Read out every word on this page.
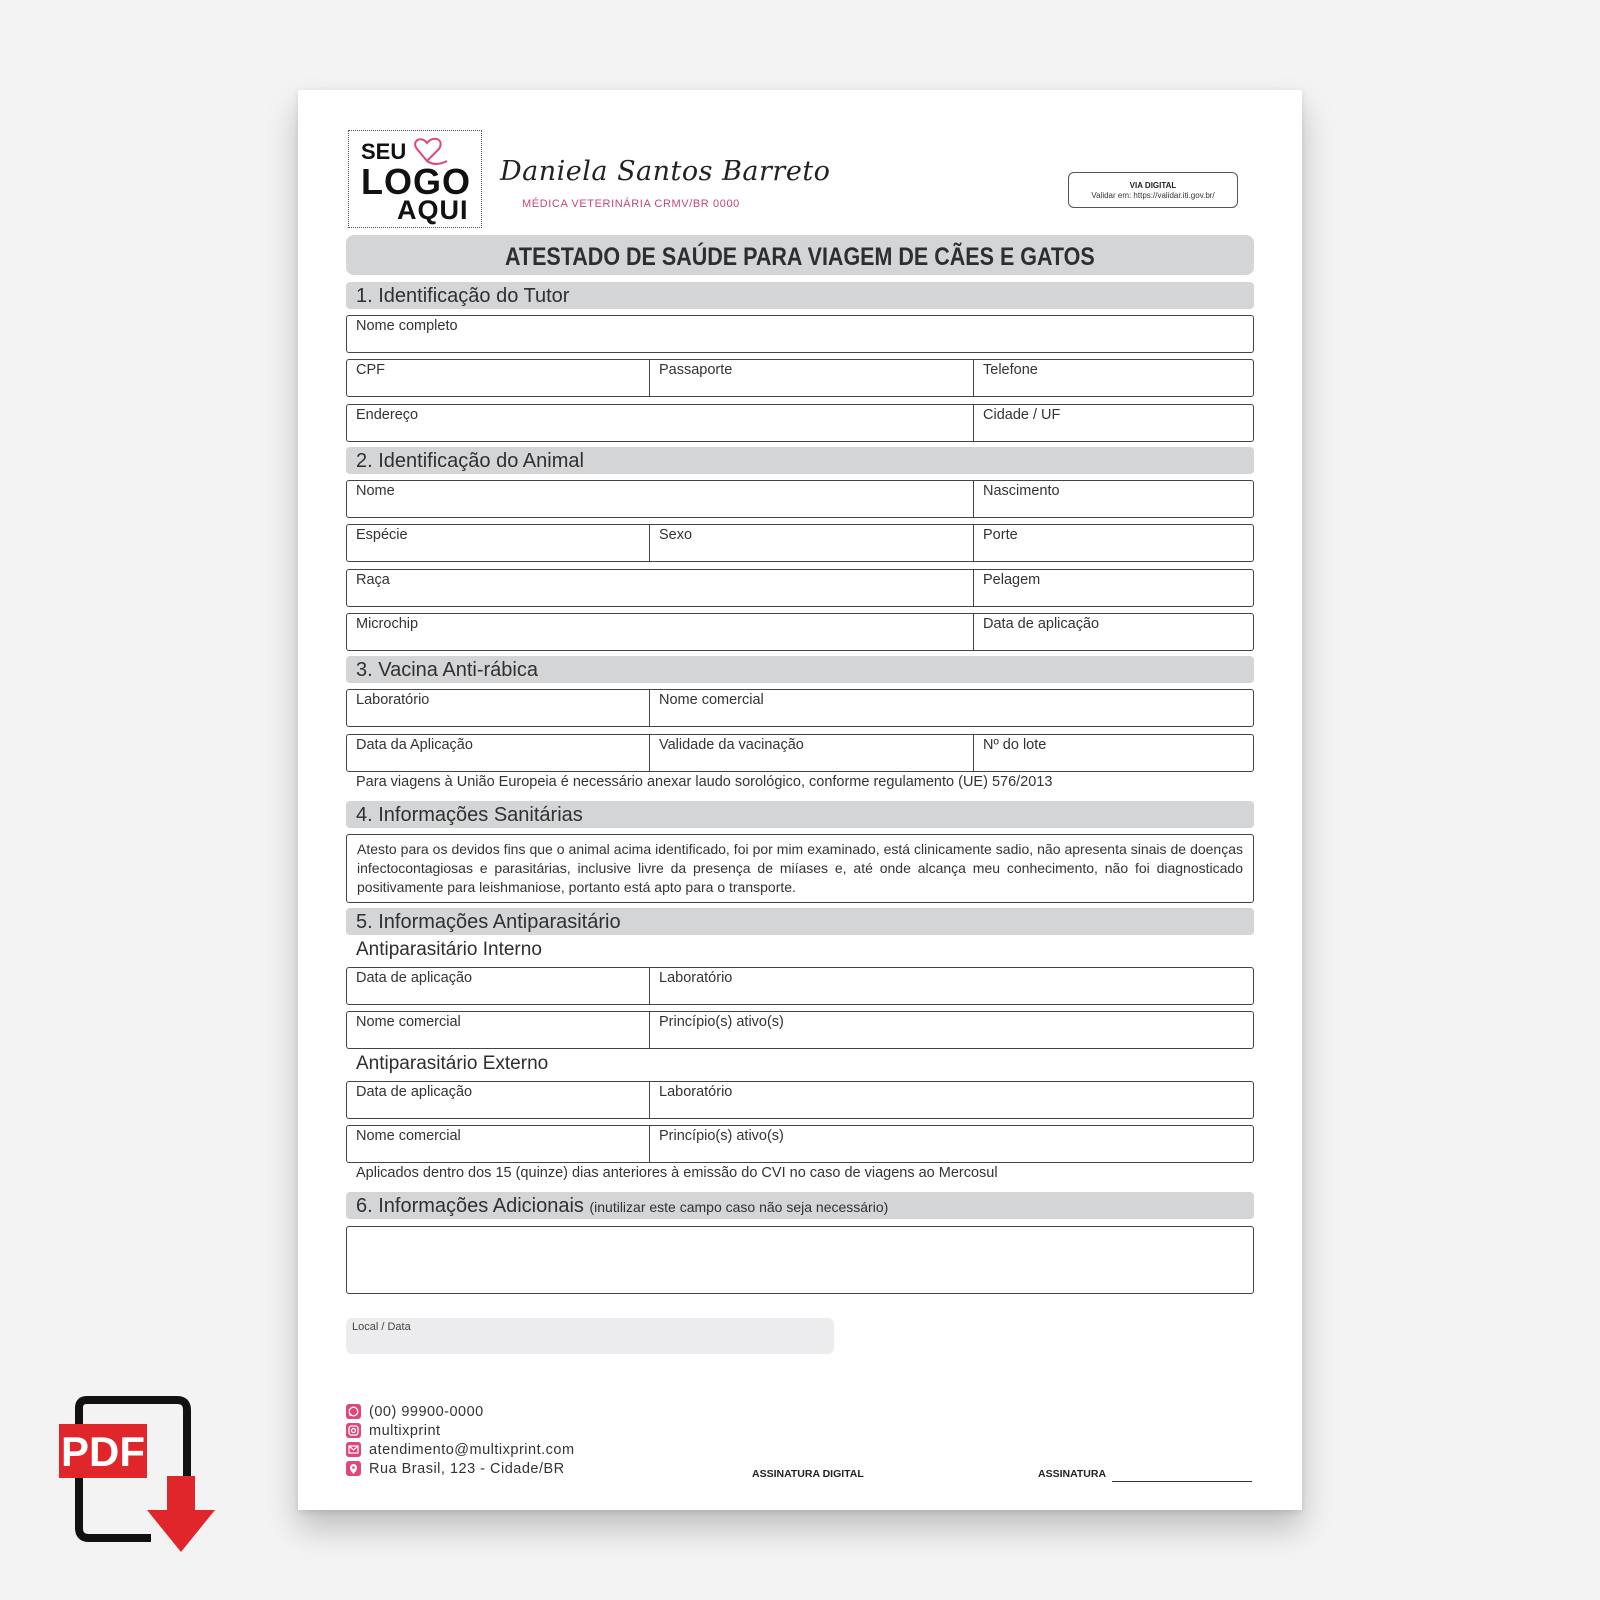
SEU
LOGO
AQUI
Daniela Santos Barreto
MÉDICA VETERINÁRIA CRMV/BR 0000
VIA DIGITAL
Validar em: https://validar.iti.gov.br/
ATESTADO DE SAÚDE PARA VIAGEM DE CÃES E GATOS
1. Identificação do Tutor
Nome completo
CPF	Passaporte	Telefone
Endereço	Cidade / UF
2. Identificação do Animal
Nome	Nascimento
Espécie	Sexo	Porte
Raça	Pelagem
Microchip	Data de aplicação
3. Vacina Anti-rábica
Laboratório	Nome comercial
Data da Aplicação	Validade da vacinação	Nº do lote
Para viagens à União Europeia é necessário anexar laudo sorológico, conforme regulamento (UE) 576/2013
4. Informações Sanitárias
Atesto para os devidos fins que o animal acima identificado, foi por mim examinado, está clinicamente sadio, não apresenta sinais de doenças infectocontagiosas e parasitárias, inclusive livre da presença de miíases e, até onde alcança meu conhecimento, não foi diagnosticado positivamente para leishmaniose, portanto está apto para o transporte.
5. Informações Antiparasitário
Antiparasitário Interno
Data de aplicação	Laboratório
Nome comercial	Princípio(s) ativo(s)
Antiparasitário Externo
Data de aplicação	Laboratório
Nome comercial	Princípio(s) ativo(s)
Aplicados dentro dos 15 (quinze) dias anteriores à emissão do CVI no caso de viagens ao Mercosul
6. Informações Adicionais (inutilizar este campo caso não seja necessário)
Local / Data
(00) 99900-0000
multixprint
atendimento@multixprint.com
Rua Brasil, 123 - Cidade/BR	ASSINATURA DIGITAL	ASSINATURA
PDF
